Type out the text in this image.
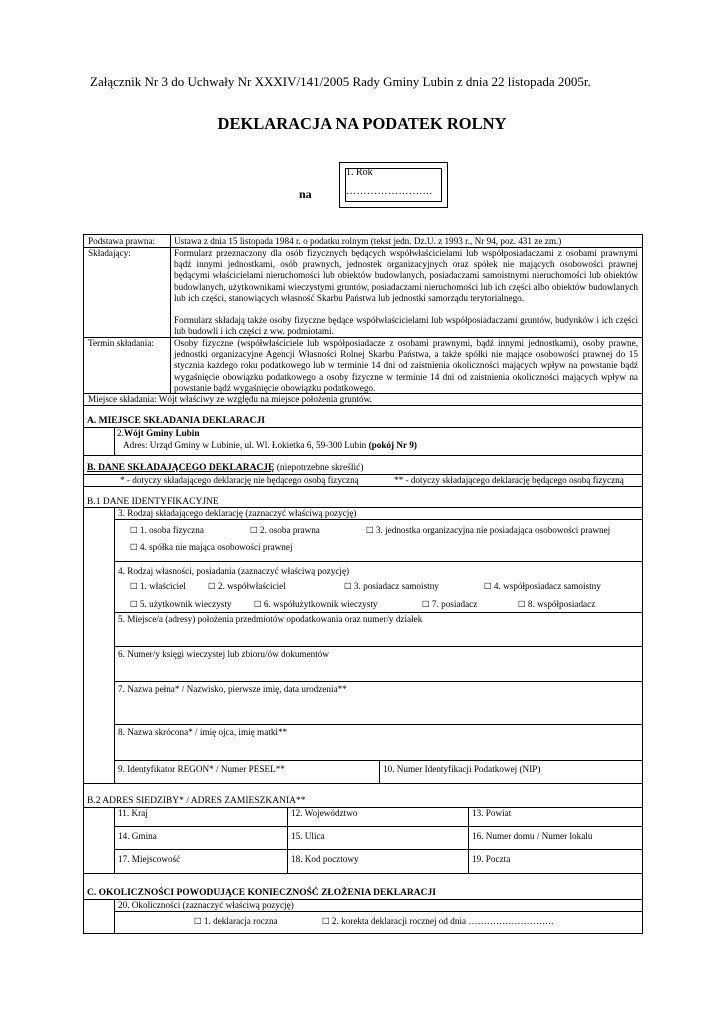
Załącznik Nr 3 do Uchwały Nr XXXIV/141/2005 Rady Gminy Lubin z dnia 22 listopada 2005r.
DEKLARACJA NA PODATEK ROLNY
na
1. Rok
………………….…
Podstawa prawna: Ustawa z dnia 15 listopada 1984 r. o podatku rolnym (tekst jedn. Dz.U. z 1993 r., Nr 94, poz. 431 ze zm.)
Składający:	Formularz przeznaczony dla osób fizycznych będących współwłaścicielami lub współposiadaczami z osobami prawnymi bądź innymi jednostkami, osób prawnych, jednostek organizacyjnych oraz spółek nie mających osobowości prawnej będącymi właścicielami nieruchomości lub obiektów budowlanych, posiadaczami samoistnymi nieruchomości lub obiektów budowlanych, użytkownikami wieczystymi gruntów, posiadaczami nieruchomości lub ich części albo obiektów budowlanych lub ich części, stanowiących własność Skarbu Państwa lub jednostki samorządu terytorialnego.
Formularz składają także osoby fizyczne będące współwłaścicielami lub współposiadaczami gruntów, budynków i ich części lub budowli i ich części z ww. podmiotami.
Termin składania: Osoby fizyczne (współwłaściciele lub współposiadacze z osobami prawnymi, bądź innymi jednostkami), osoby prawne, jednostki organizacyjne Agencji Własności Rolnej Skarbu Państwa, a także spółki nie mające osobowości prawnej do 15 stycznia każdego roku podatkowego lub w terminie 14 dni od zaistnienia okoliczności mających wpływ na powstanie bądź wygaśnięcie obowiązku podatkowego a osoby fizyczne w terminie 14 dni od zaistnienia okoliczności mających wpływ na powstanie bądź wygaśnięcie obowiązku podatkowego.
Miejsce składania: Wójt właściwy ze względu na miejsce położenia gruntów.
A. MIEJSCE SKŁADANIA DEKLARACJI
2.Wójt Gminy Lubin
Adres: Urząd Gminy w Lubinie, ul. Wl. Łokietka 6, 59-300 Lubin (pokój Nr 9)
B. DANE SKŁADAJĄCEGO DEKLARACJĘ (niepotrzebne skreślić)
* - dotyczy składającego deklarację nie będącego osobą fizyczną	** - dotyczy składającego deklarację będącego osobą fizyczną
B.1 DANE IDENTYFIKACYJNE
3. Rodzaj składającego deklarację (zaznaczyć właściwą pozycję)
☐ 1. osoba fizyczna	☐ 2. osoba prawna	☐ 3. jednostka organizacyjna nie posiadająca osobowości prawnej
☐ 4. spółka nie mająca osobowości prawnej
4. Rodzaj własności, posiadania (zaznaczyć właściwą pozycję)
☐ 1. właściciel	☐ 2. współwłaściciel	☐ 3. posiadacz samoistny	☐ 4. współposiadacz samoistny
☐ 5. użytkownik wieczysty	☐ 6. współużytkownik wieczysty	☐ 7. posiadacz	☐ 8. współposiadacz
5. Miejsce/a (adresy) położenia przedmiotów opodatkowania oraz numer/y działek
6. Numer/y księgi wieczystej lub zbioru/ów dokumentów
7. Nazwa pełna* / Nazwisko, pierwsze imię, data urodzenia**
8. Nazwa skrócona* / imię ojca, imię matki**
9. Identyfikator REGON* / Numer PESEL**	10. Numer Identyfikacji Podatkowej (NIP)
B.2 ADRES SIEDZIBY* / ADRES ZAMIESZKANIA**
11. Kraj	12. Województwo	13. Powiat
14. Gmina	15. Ulica	16. Numer domu / Numer lokalu
17. Miejscowość	18. Kod pocztowy	19. Poczta
C. OKOLICZNOŚCI POWODUJĄCE KONIECZNOŚĆ ZŁOŻENIA DEKLARACJI
20. Okoliczności (zaznaczyć właściwą pozycję)
☐ 1. deklaracja roczna	☐ 2. korekta deklaracji rocznej od dnia ……………………….
